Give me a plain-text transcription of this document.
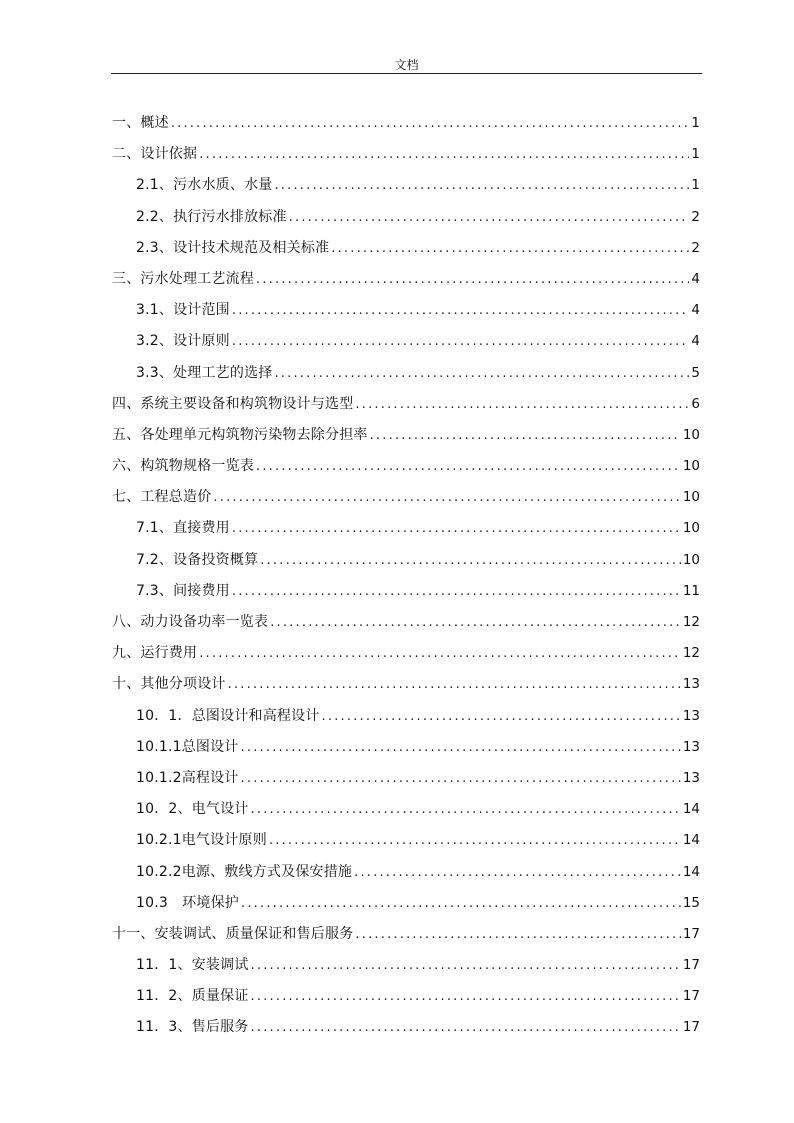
文档
一、概述 .....	1
二、设计依据 .....	1
2.1、污水水质、水量 .....	1
2.2、执行污水排放标准 .....	2
2.3、设计技术规范及相关标准 .....	2
三、污水处理工艺流程 .....	4
3.1、设计范围 .....	4
3.2、设计原则 .....	4
3.3、处理工艺的选择 .....	5
四、系统主要设备和构筑物设计与选型 .....	6
五、各处理单元构筑物污染物去除分担率 .....	10
六、构筑物规格一览表 .....	10
七、工程总造价 .....	10
7.1、直接费用 .....	10
7.2、设备投资概算 .....	10
7.3、间接费用 .....	11
八、动力设备功率一览表 .....	12
九、运行费用 .....	12
十、其他分项设计 .....	13
10．1．总图设计和高程设计 .....	13
10.1.1总图设计 .....	13
10.1.2高程设计 .....	13
10．2、电气设计 .....	14
10.2.1电气设计原则 .....	14
10.2.2电源、敷线方式及保安措施 .....	14
10.3　环境保护 .....	15
十一、安装调试、质量保证和售后服务 .....	17
11．1、安装调试 .....	17
11．2、质量保证 .....	17
11．3、售后服务 .....	17
